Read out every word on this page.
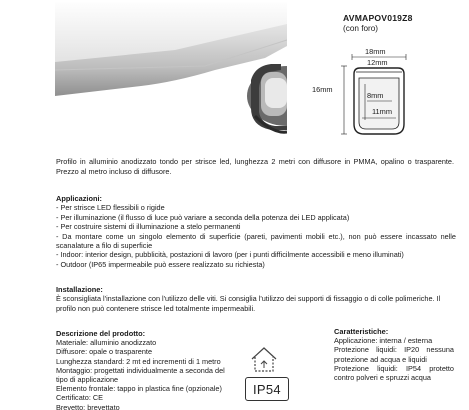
AVMAPOV019Z8
(con foro)
18mm
12mm
16mm
8mm
11mm

Profilo in alluminio anodizzato tondo per strisce led, lunghezza 2 metri con diffusore in PMMA, opalino o trasparente. Prezzo al metro incluso di diffusore.

Applicazioni:
- Per strisce LED flessibili o rigide
- Per illuminazione (il flusso di luce può variare a seconda della potenza dei LED applicata)
- Per costruire sistemi di illuminazione a stelo permanenti
- Da montare come un singolo elemento di superficie (pareti, pavimenti mobili etc.), non può essere incassato nelle scanalature a filo di superficie
- Indoor: interior design, pubblicità, postazioni di lavoro (per i punti difficilmente accessibili e meno illuminati)
- Outdoor (IP65 impermeabile può essere realizzato su richiesta)
Installazione:

È sconsigliata l'installazione con l'utilizzo delle viti. Si consiglia l'utilizzo dei supporti di fissaggio o di colle polimeriche. Il profilo non può contenere strisce led totalmente impermeabili.

Descrizione del prodotto:
Materiale: alluminio anodizzato
Diffusore: opale o trasparente
Lunghezza standard: 2 mt ed incrementi di 1 metro
Montaggio: progettati individualmente a seconda del
tipo di applicazione
Elemento frontale: tappo in plastica fine (opzionale)
Certificato: CE
Brevetto: brevettato
IP54
Caratteristiche:
Applicazione: interna / esterna
Protezione liquidi: IP20 nessuna protezione ad acqua e liquidi
Protezione liquidi: IP54 protetto contro polveri e spruzzi acqua
